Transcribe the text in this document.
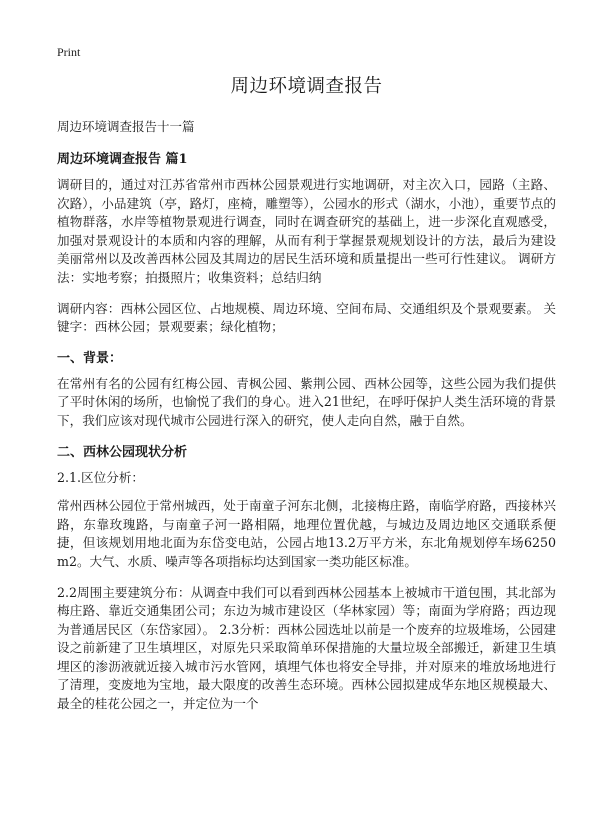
Print
周边环境调查报告
周边环境调查报告十一篇
周边环境调查报告 篇1

调研目的，通过对江苏省常州市西林公园景观进行实地调研，对主次入口，园路（主路、次路），小品建筑（亭，路灯，座椅，雕塑等），公园水的形式（湖水，小池），重要节点的植物群落，水岸等植物景观进行调查，同时在调查研究的基础上，进一步深化直观感受，加强对景观设计的本质和内容的理解，从而有利于掌握景观规划设计的方法，最后为建设美丽常州以及改善西林公园及其周边的居民生活环境和质量提出一些可行性建议。 调研方法：实地考察；拍摄照片；收集资料；总结归纳

调研内容：西林公园区位、占地规模、周边环境、空间布局、交通组织及个景观要素。 关键字：西林公园；景观要素；绿化植物；

一、背景：

在常州有名的公园有红梅公园、青枫公园、紫荆公园、西林公园等，这些公园为我们提供了平时休闲的场所，也愉悦了我们的身心。进入21世纪，在呼吁保护人类生活环境的背景下，我们应该对现代城市公园进行深入的研究，使人走向自然，融于自然。

二、西林公园现状分析

2.1.区位分析：

常州西林公园位于常州城西，处于南童子河东北侧，北接梅庄路，南临学府路，西接林兴路，东靠玫瑰路，与南童子河一路相隔，地理位置优越，与城边及周边地区交通联系便捷，但该规划用地北面为东岱变电站，公园占地13.2万平方米，东北角规划停车场6250m2。大气、水质、噪声等各项指标均达到国家一类功能区标准。

2.2周围主要建筑分布：从调查中我们可以看到西林公园基本上被城市干道包围，其北部为梅庄路、靠近交通集团公司；东边为城市建设区（华林家园）等；南面为学府路；西边现为普通居民区（东岱家园）。 2.3分析：西林公园选址以前是一个废弃的垃圾堆场，公园建设之前新建了卫生填埋区，对原先只采取简单环保措施的大量垃圾全部搬迁，新建卫生填埋区的渗沥液就近接入城市污水管网，填埋气体也将安全导排，并对原来的堆放场地进行了清理，变废地为宝地，最大限度的改善生态环境。西林公园拟建成华东地区规模最大、最全的桂花公园之一，并定位为一个
